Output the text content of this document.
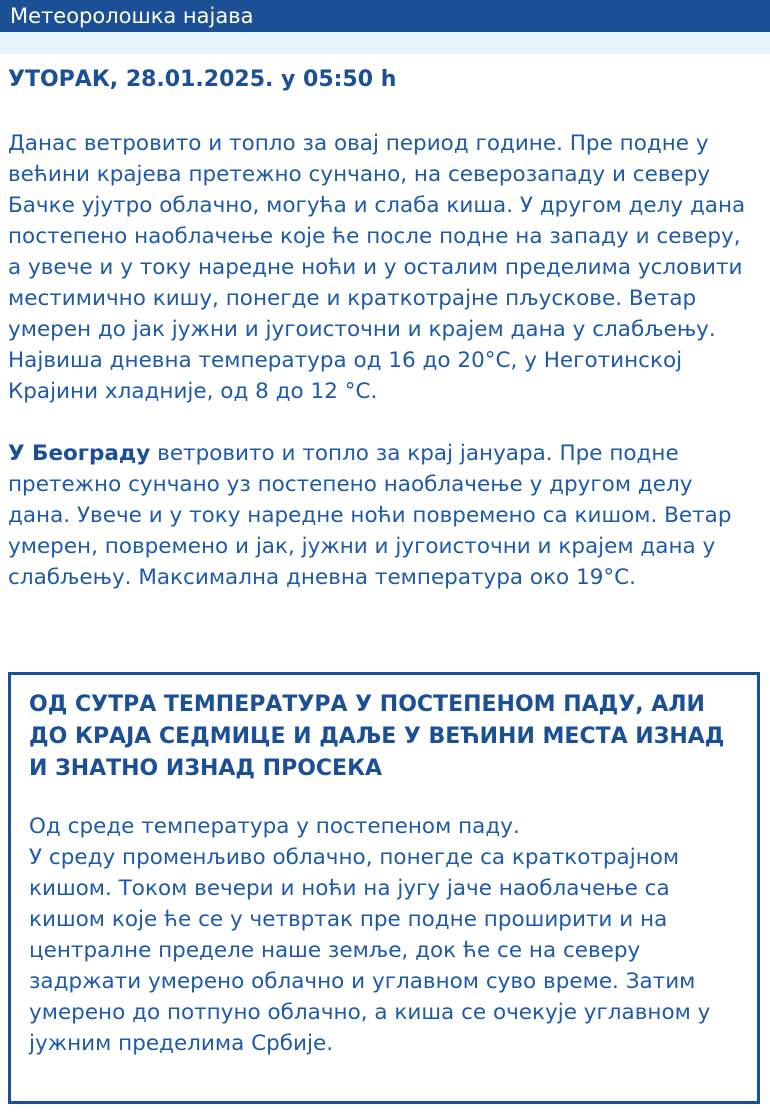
Метеоролошка најава

УТОРАК, 28.01.2025. у 05:50 h

Данас ветровито и топло за овај период године. Пре подне у већини крајева претежно сунчано, на северозападу и северу Бачке ујутро облачно, могућа и слаба киша. У другом делу дана постепено наоблачење које ће после подне на западу и северу, а увече и у току наредне ноћи и у осталим пределима условити местимично кишу, понегде и краткотрајне пљускове. Ветар умерен до јак јужни и југоисточни и крајем дана у слабљењу. Највиша дневна температура од 16 до 20°C, у Неготинској Крајини хладније, од 8 до 12 °C.

У Београду ветровито и топло за крај јануара. Пре подне претежно сунчано уз постепено наоблачење у другом делу дана. Увече и у току наредне ноћи повремено са кишом. Ветар умерен, повремено и јак, јужни и југоисточни и крајем дана у слабљењу. Максимална дневна температура око 19°C.

ОД СУТРА ТЕМПЕРАТУРА У ПОСТЕПЕНОМ ПАДУ, АЛИ ДО КРАЈА СЕДМИЦЕ И ДАЉЕ У ВЕЋИНИ МЕСТА ИЗНАД И ЗНАТНО ИЗНАД ПРОСЕКА

Од среде температура у постепеном паду.
У среду променљиво облачно, понегде са краткотрајном кишом. Током вечери и ноћи на југу јаче наоблачење са кишом које ће се у четвртак пре подне проширити и на централне пределе наше земље, док ће се на северу задржати умерено облачно и углавном суво време. Затим умерено до потпуно облачно, а киша се очекује углавном у јужним пределима Србије.
